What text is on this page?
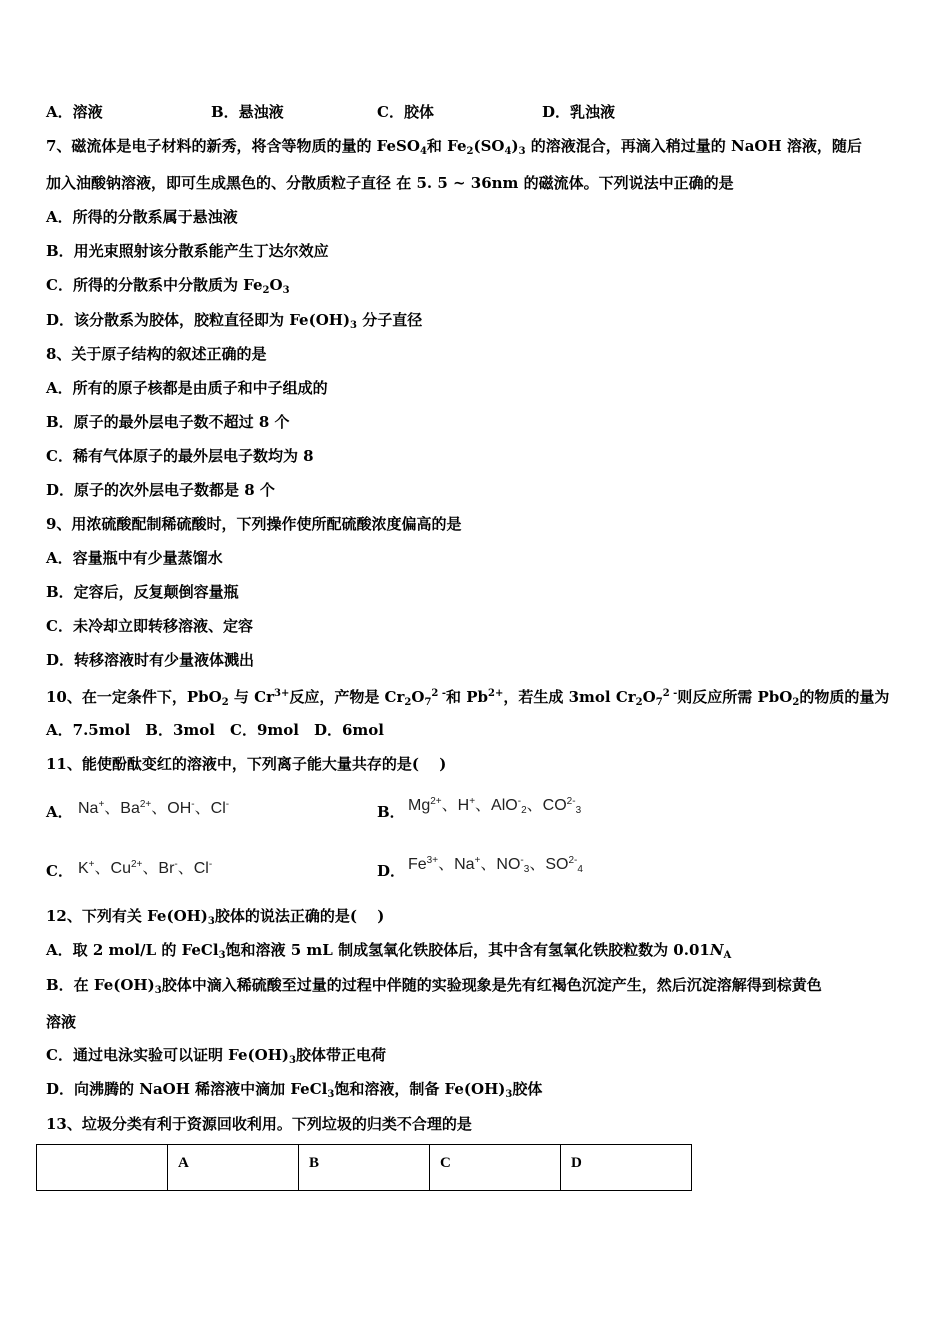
A．溶液	B．悬浊液	C．胶体	D．乳浊液
7、磁流体是电子材料的新秀，将含等物质的量的 FeSO$_4$和 $Fe_2(SO_4)_3$ 的溶液混合，再滴入稍过量的 NaOH 溶液，随后
加入油酸钠溶液，即可生成黑色的、分散质粒子直径 在 5. 5 ~ 36nm 的磁流体。下列说法中正确的是
A．所得的分散系属于悬浊液
B．用光束照射该分散系能产生丁达尔效应
C．所得的分散系中分散质为 $Fe_2O_3$
D．该分散系为胶体，胶粒直径即为 $Fe(OH)_3$ 分子直径
8、关于原子结构的叙述正确的是
A．所有的原子核都是由质子和中子组成的
B．原子的最外层电子数不超过 8 个
C．稀有气体原子的最外层电子数均为 8
D．原子的次外层电子数都是 8 个
9、用浓硫酸配制稀硫酸时，下列操作使所配硫酸浓度偏高的是
A．容量瓶中有少量蒸馏水
B．定容后，反复颠倒容量瓶
C．未冷却立即转移溶液、定容
D．转移溶液时有少量液体溅出
10、在一定条件下，PbO$_2$ 与 $Cr^{3+}$反应，产物是 $Cr_2O_7^{2 -}$和 $Pb^{2+}$，若生成 3mol $Cr_2O_7^{2 -}$则反应所需 PbO$_2$的物质的量为
A．7.5mol　B．3mol　C．9mol　D．6mol
11、能使酚酞变红的溶液中，下列离子能大量共存的是(　 )
A． Na+、$Ba^{2+}$、OH-、Cl-	B． $Mg^{2+}$、H+、AlO-$_2$、$CO^{2-}_3$
C． K+、$Cu^{2+}$、Br-、Cl-	D． $Fe^{3+}$、Na+、$NO^-_3$、$SO^{2-}_4$
12、下列有关 $Fe(OH)_3$胶体的说法正确的是(　 )
A．取 2 mol/L 的 FeCl$_3$饱和溶液 5 mL 制成氢氧化铁胶体后，其中含有氢氧化铁胶粒数为 $0.01N_A$
B．在 $Fe(OH)_3$胶体中滴入稀硫酸至过量的过程中伴随的实验现象是先有红褐色沉淀产生，然后沉淀溶解得到棕黄色
溶液
C．通过电泳实验可以证明 $Fe(OH)_3$胶体带正电荷
D．向沸腾的 NaOH 稀溶液中滴加 FeCl$_3$饱和溶液，制备 $Fe(OH)_3$胶体
13、垃圾分类有利于资源回收利用。下列垃圾的归类不合理的是
	A	B	C	D
